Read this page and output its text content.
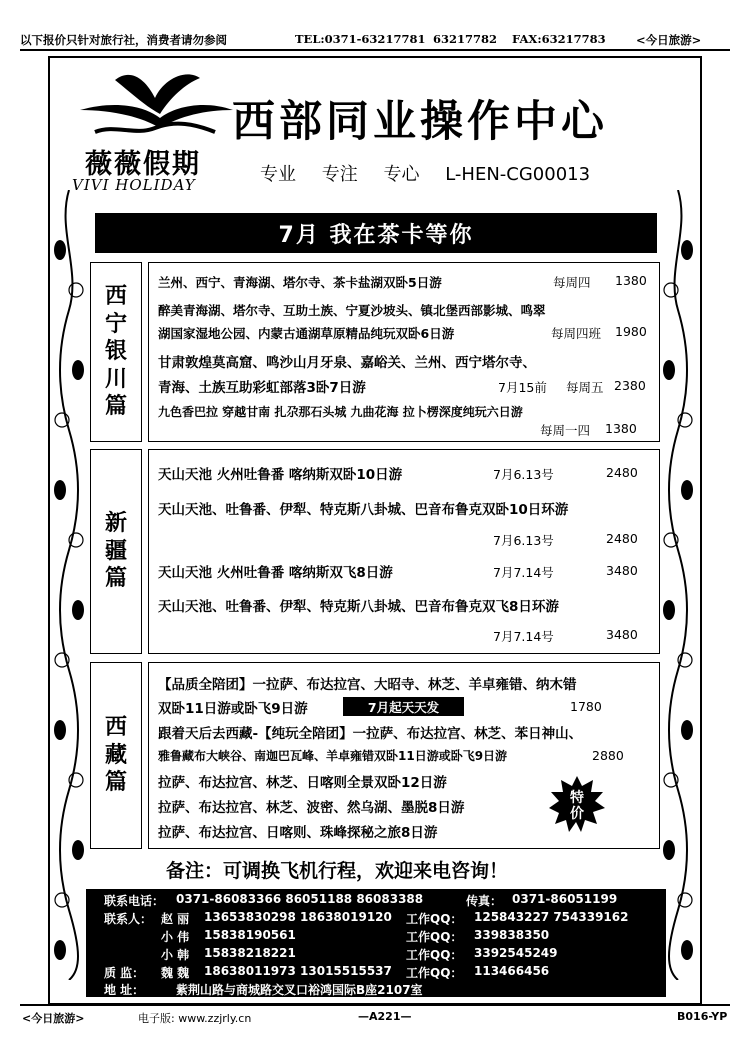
以下报价只针对旅行社，消费者请勿参阅	TEL:0371-63217781 63217782 FAX:63217783	<今日旅游>
薇薇假期
VIVI HOLIDAY
西部同业操作中心
专业 专注 专心 L-HEN-CG00013
7月 我在茶卡等你
西
宁
银
川
篇
兰州、西宁、青海湖、塔尔寺、茶卡盐湖双卧5日游	每周四 1380
醉美青海湖、塔尔寺、互助土族、宁夏沙坡头、镇北堡西部影城、鸣翠
湖国家湿地公园、内蒙古通湖草原精品纯玩双卧6日游	每周四班 1980
甘肃敦煌莫高窟、鸣沙山月牙泉、嘉峪关、兰州、西宁塔尔寺、
青海、土族互助彩虹部落3卧7日游	7月15前 每周五 2380
九色香巴拉 穿越甘南 扎尕那石头城 九曲花海 拉卜楞深度纯玩六日游
每周一四 1380
新
疆
篇
天山天池 火州吐鲁番 喀纳斯双卧10日游	7月6.13号	2480
天山天池、吐鲁番、伊犁、特克斯八卦城、巴音布鲁克双卧10日环游
7月6.13号	2480
天山天池 火州吐鲁番 喀纳斯双飞8日游	7月7.14号	3480
天山天池、吐鲁番、伊犁、特克斯八卦城、巴音布鲁克双飞8日环游
7月7.14号	3480
西
藏
篇
【品质全陪团】一拉萨、布达拉宫、大昭寺、林芝、羊卓雍错、纳木错
双卧11日游或卧飞9日游	7月起天天发	1780
跟着天后去西藏-【纯玩全陪团】一拉萨、布达拉宫、林芝、苯日神山、
雅鲁藏布大峡谷、南迦巴瓦峰、羊卓雍错双卧11日游或卧飞9日游	2880
拉萨、布达拉宫、林芝、日喀则全景双卧12日游
拉萨、布达拉宫、林芝、波密、然乌湖、墨脱8日游
拉萨、布达拉宫、日喀则、珠峰探秘之旅8日游
特
价
备注：可调换飞机行程，欢迎来电咨询！
联系电话： 0371-86083366 86051188 86083388	传真： 0371-86051199
联系人： 赵 丽 13653830298 18638019120 工作QQ： 125843227 754339162
小 伟 15838190561	工作QQ： 339838350
小 韩 15838218221	工作QQ： 3392545249
质 监： 魏 魏 18638011973 13015515537 工作QQ： 113466456
地 址：	紫荆山路与商城路交叉口裕鸿国际B座2107室
<今日旅游>	电子版: www.zzjrly.cn	—A221—	B016-YP
